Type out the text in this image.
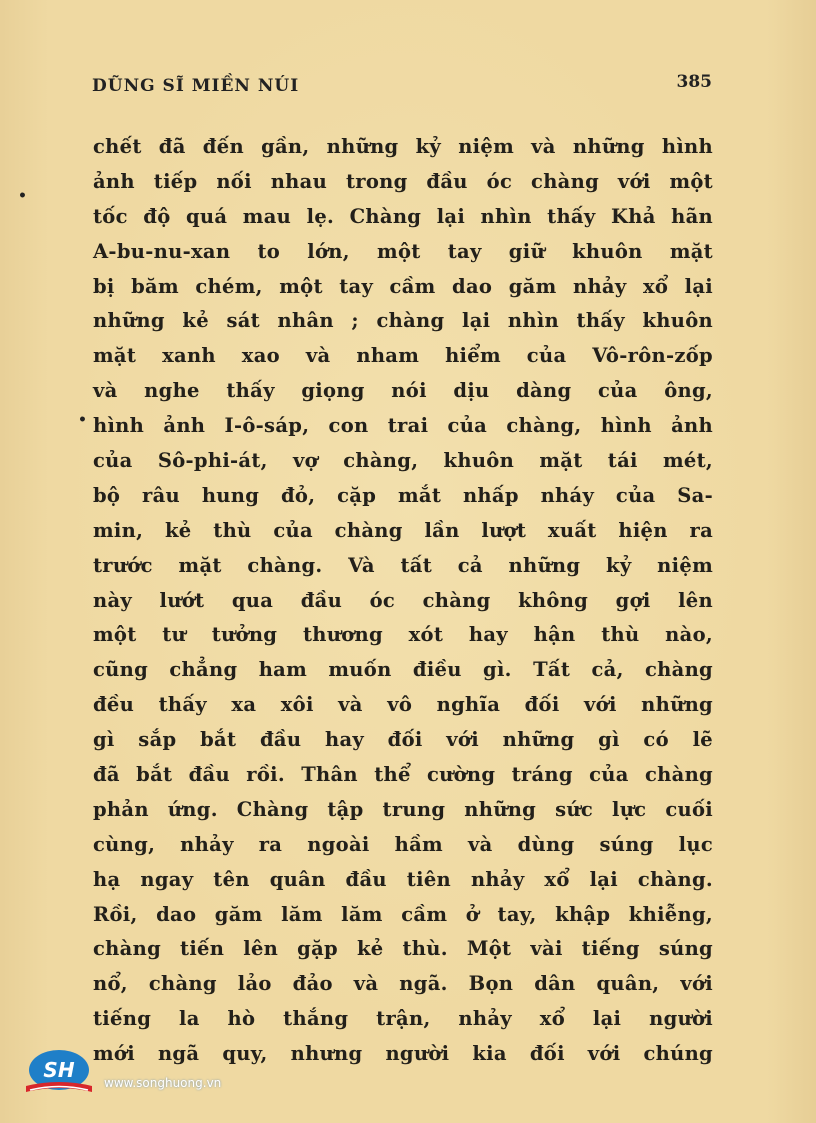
DŨNG SĨ MIỀN NÚI	385
•
•
chết đã đến gần, những kỷ niệm và những hình
ảnh tiếp nối nhau trong đầu óc chàng với một
tốc độ quá mau lẹ. Chàng lại nhìn thấy Khả hãn
A-bu-nu-xan to lớn, một tay giữ khuôn mặt
bị băm chém, một tay cầm dao găm nhảy xổ lại
những kẻ sát nhân ; chàng lại nhìn thấy khuôn
mặt xanh xao và nham hiểm của Vô-rôn-zốp
và nghe thấy giọng nói dịu dàng của ông,
hình ảnh I-ô-sáp, con trai của chàng, hình ảnh
của Sô-phi-át, vợ chàng, khuôn mặt tái mét,
bộ râu hung đỏ, cặp mắt nhấp nháy của Sa-
min, kẻ thù của chàng lần lượt xuất hiện ra
trước mặt chàng. Và tất cả những kỷ niệm
này lướt qua đầu óc chàng không gợi lên
một tư tưởng thương xót hay hận thù nào,
cũng chẳng ham muốn điều gì. Tất cả, chàng
đều thấy xa xôi và vô nghĩa đối với những
gì sắp bắt đầu hay đối với những gì có lẽ
đã bắt đầu rồi. Thân thể cường tráng của chàng
phản ứng. Chàng tập trung những sức lực cuối
cùng, nhảy ra ngoài hầm và dùng súng lục
hạ ngay tên quân đầu tiên nhảy xổ lại chàng.
Rồi, dao găm lăm lăm cầm ở tay, khập khiễng,
chàng tiến lên gặp kẻ thù. Một vài tiếng súng
nổ, chàng lảo đảo và ngã. Bọn dân quân, với
tiếng la hò thắng trận, nhảy xổ lại người
mới ngã quy, nhưng người kia đối với chúng
SH
www.songhuong.vn
